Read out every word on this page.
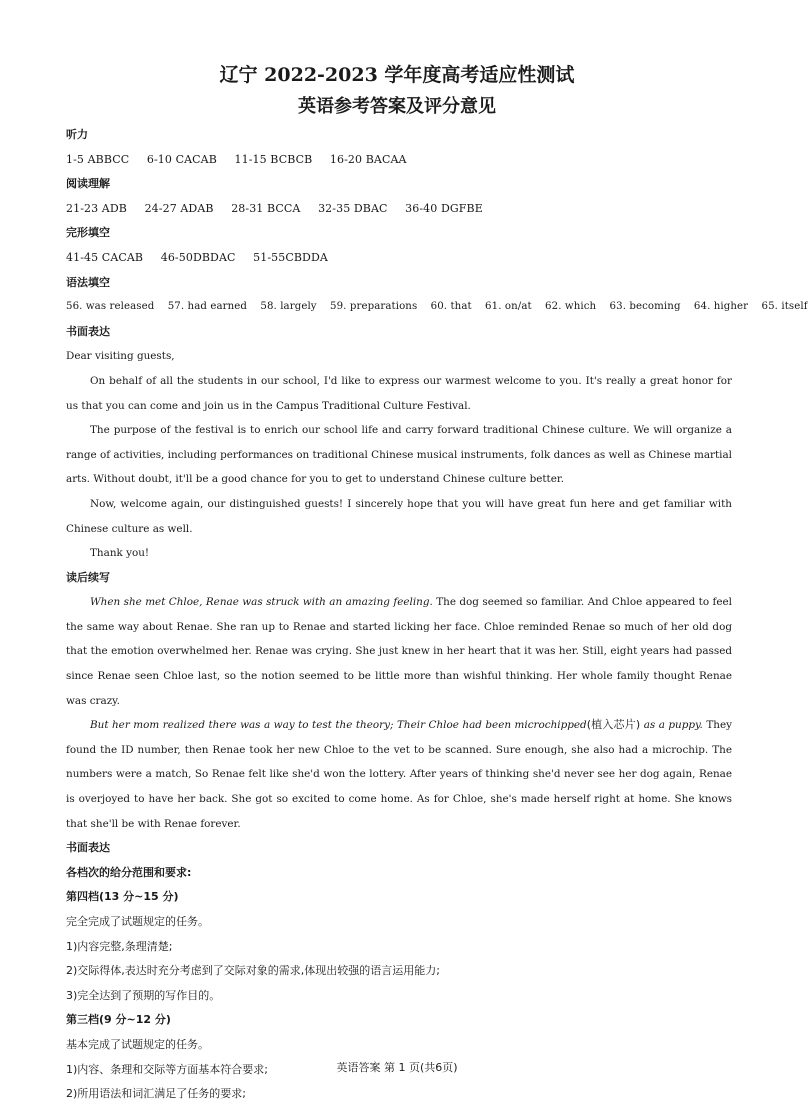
辽宁 2022-2023 学年度高考适应性测试
英语参考答案及评分意见
听力
1-5 ABBCC 6-10 CACAB 11-15 BCBCB 16-20 BACAA
阅读理解
21-23 ADB 24-27 ADAB 28-31 BCCA 32-35 DBAC 36-40 DGFBE
完形填空
41-45 CACAB 46-50DBDAC 51-55CBDDA
语法填空
56. was released 57. had earned 58. largely 59. preparations 60. that 61. on/at 62. which 63. becoming 64. higher 65. itself
书面表达
Dear visiting guests,
On behalf of all the students in our school, I'd like to express our warmest welcome to you. It's really a great honor for us that you can come and join us in the Campus Traditional Culture Festival.
The purpose of the festival is to enrich our school life and carry forward traditional Chinese culture. We will organize a range of activities, including performances on traditional Chinese musical instruments, folk dances as well as Chinese martial arts. Without doubt, it'll be a good chance for you to get to understand Chinese culture better.
Now, welcome again, our distinguished guests! I sincerely hope that you will have great fun here and get familiar with Chinese culture as well.
Thank you!
读后续写
When she met Chloe, Renae was struck with an amazing feeling. The dog seemed so familiar. And Chloe appeared to feel the same way about Renae. She ran up to Renae and started licking her face. Chloe reminded Renae so much of her old dog that the emotion overwhelmed her. Renae was crying. She just knew in her heart that it was her. Still, eight years had passed since Renae seen Chloe last, so the notion seemed to be little more than wishful thinking. Her whole family thought Renae was crazy.
But her mom realized there was a way to test the theory; Their Chloe had been microchipped(植入芯片) as a puppy. They found the ID number, then Renae took her new Chloe to the vet to be scanned. Sure enough, she also had a microchip. The numbers were a match, So Renae felt like she'd won the lottery. After years of thinking she'd never see her dog again, Renae is overjoyed to have her back. She got so excited to come home. As for Chloe, she's made herself right at home. She knows that she'll be with Renae forever.
书面表达
各档次的给分范围和要求:
第四档(13 分~15 分)
完全完成了试题规定的任务。
1)内容完整,条理清楚;
2)交际得体,表达时充分考虑到了交际对象的需求,体现出较强的语言运用能力;
3)完全达到了预期的写作目的。
第三档(9 分~12 分)
基本完成了试题规定的任务。
1)内容、条理和交际等方面基本符合要求;
2)所用语法和词汇满足了任务的要求;
英语答案 第 1 页(共6页)
